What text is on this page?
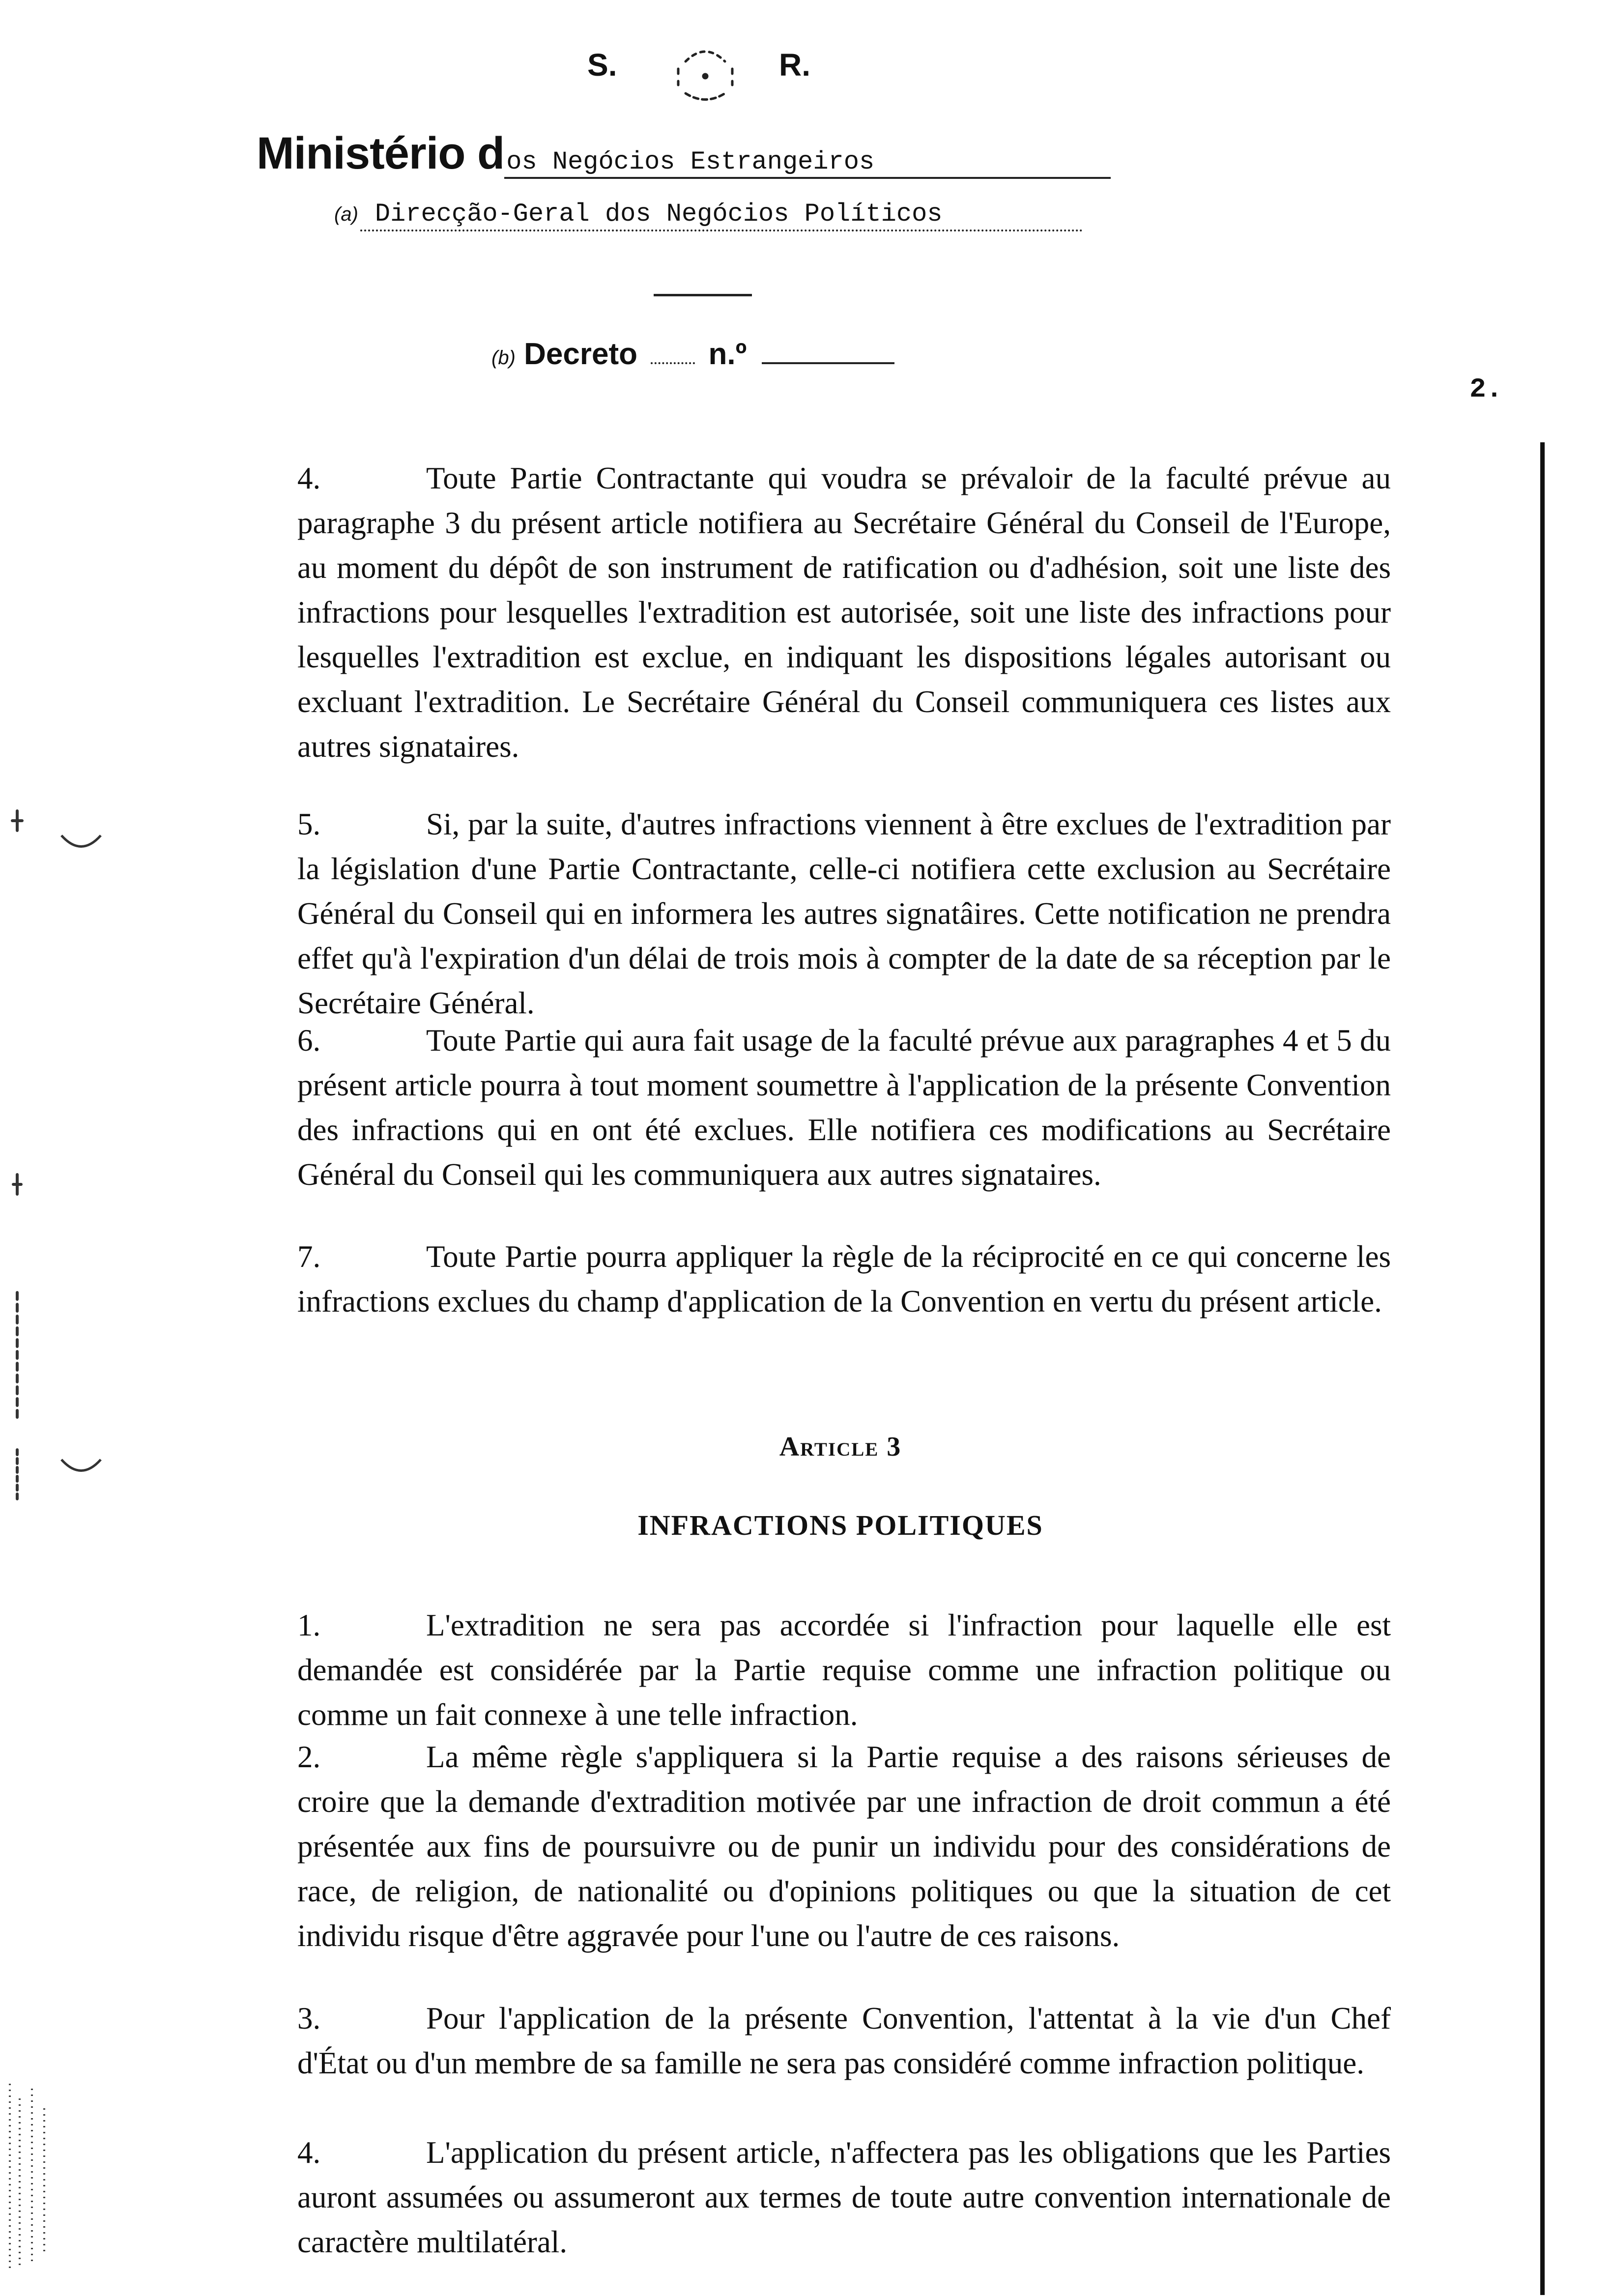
S.	R.
Ministério dos Negócios Estrangeiros
(a) Direcção-Geral dos Negócios Políticos
(b) Decreto n.º
2.

4.	Toute Partie Contractante qui voudra se prévaloir de la faculté prévue au paragraphe 3 du présent article notifiera au Secrétaire Général du Conseil de l'Europe, au moment du dépôt de son instrument de ratification ou d'adhésion, soit une liste des infractions pour lesquelles l'extradition est autorisée, soit une liste des infractions pour lesquelles l'extradition est exclue, en indiquant les dispositions légales autorisant ou excluant l'extradition. Le Secrétaire Général du Conseil communiquera ces listes aux autres signataires.

5.	Si, par la suite, d'autres infractions viennent à être exclues de l'extradition par la législation d'une Partie Contractante, celle-ci notifiera cette exclusion au Secrétaire Général du Conseil qui en informera les autres signatâires. Cette notification ne prendra effet qu'à l'expiration d'un délai de trois mois à compter de la date de sa réception par le Secrétaire Général.

6.	Toute Partie qui aura fait usage de la faculté prévue aux paragraphes 4 et 5 du présent article pourra à tout moment soumettre à l'application de la présente Convention des infractions qui en ont été exclues. Elle notifiera ces modifications au Secrétaire Général du Conseil qui les communiquera aux autres signataires.

7.	Toute Partie pourra appliquer la règle de la réciprocité en ce qui concerne les infractions exclues du champ d'application de la Convention en vertu du présent article.

Article 3
INFRACTIONS POLITIQUES

1.	L'extradition ne sera pas accordée si l'infraction pour laquelle elle est demandée est considérée par la Partie requise comme une infraction politique ou comme un fait connexe à une telle infraction.

2.	La même règle s'appliquera si la Partie requise a des raisons sérieuses de croire que la demande d'extradition motivée par une infraction de droit commun a été présentée aux fins de poursuivre ou de punir un individu pour des considérations de race, de religion, de nationalité ou d'opinions politiques ou que la situation de cet individu risque d'être aggravée pour l'une ou l'autre de ces raisons.

3.	Pour l'application de la présente Convention, l'attentat à la vie d'un Chef d'État ou d'un membre de sa famille ne sera pas considéré comme infraction politique.

4.	L'application du présent article, n'affectera pas les obligations que les Parties auront assumées ou assumeront aux termes de toute autre convention internationale de caractère multilatéral.
